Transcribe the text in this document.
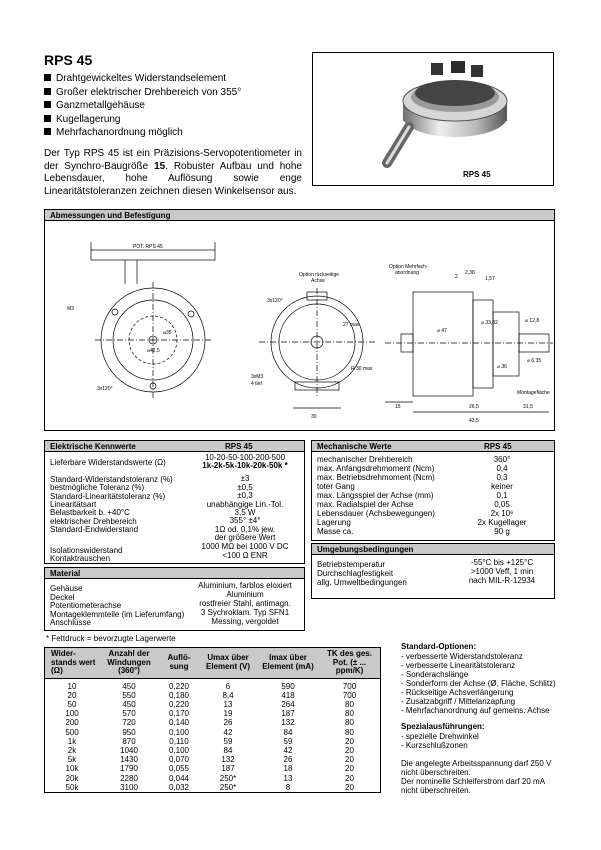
RPS 45
Drahtgewickeltes Widerstandselement
Großer elektrischer Drehbereich von 355°
Ganzmetallgehäuse
Kugellagerung
Mehrfachanordnung möglich

Der Typ RPS 45 ist ein Präzisions-Servopotentiometer in der Synchro-Baugröße 15. Robuster Aufbau und hohe Lebensdauer, hohe Auflösung sowie enge Linearitätstoleranzen zeichnen diesen Winkelsensor aus.

RPS 45
Abmessungen und Befestigung
POT. RPS 45
M3
⌀35
⌀42,5
3x120°
3x120°
27 max
3xM3
4 tief
R 30 max
30
Option rückseitige
Achse
Option Mehrfach-
anordnung
2
2,38
1,57
⌀ 47
⌀ 33,32	⌀ 12,8
⌀ 36
⌀ 6,35
Montagefläche
15	26,5	31,5
43,5
Elektrische Kennwerte	RPS 45
Lieferbare Widerstandswerte (Ω)
10-20-50-100-200-500
1k-2k-5k-10k-20k-50k *
Standard-Widerstandstoleranz (%)	±3
bestmögliche Toleranz (%)	±0,5
Standard-Linearitätstoleranz (%)	±0,3
Linearitätsart	unabhängige Lin.-Tol.
Belastbarkeit b. +40°C	3,5 W
elektrischer Drehbereich	355° ±4°
Standard-Endwiderstand	1Ω od. 0,1% jew.
der größere Wert
Isolationswiderstand	1000 MΩ bei 1000 V DC
Kontaktrauschen	<100 Ω ENR
Material
Gehäuse	Aluminium, farblos eloxiert
Deckel	Aluminium
Potentiometerachse	rostfreier Stahl, antimagn.
Montageklemmteile (im Lieferumfang)	3 Sychroklam. Typ SFN1
Anschlüsse	Messing, vergoldet
* Fettdruck = bevorzugte Lagerwerte
Mechanische Werte	RPS 45
mechanischer Drehbereich	360°
max. Anfangsdrehmoment (Ncm)	0,4
max. Betriebsdrehmoment (Ncm)	0,3
toter Gang	keiner
max. Längsspiel der Achse (mm)	0,1
max. Radialspiel der Achse	0,05
Lebensdauer (Achsbewegungen)	2x 10⁶
Lagerung	2x Kugellager
Masse ca.	90 g
Umgebungsbedingungen
Betriebstemperatur	-55°C bis +125°C
Durchschlagfestigkeit	>1000 Veff, 1 min
allg. Umweltbedingungen	nach MIL-R-12934
Wider-stands wert (Ω)	Anzahl der Windungen (360°)	Auflö-sung	Umax über Element (V)	Imax über Element (mA)	TK des ges. Pot. (± ... ppm/K)
10	450	0,220	6	590	700
20	550	0,180	8,4	418	700
50	450	0,220	13	264	80
100	570	0,170	19	187	80
200	720	0,140	26	132	80
500	950	0,100	42	84	80
1k	870	0,110	59	59	20
2k	1040	0,100	84	42	20
5k	1430	0,070	132	26	20
10k	1790	0,055	187	18	20
20k	2280	0,044	250*	13	20
50k	3100	0,032	250*	8	20
Standard-Optionen:
- verbesserte Widerstandstoleranz
- verbesserte Linearitätstoleranz
- Sonderachslänge
- Sonderform der Achse (Ø, Fläche, Schlitz)
- Rückseitige Achsverlängerung
- Zusatzabgriff / Mittelanzapfung
- Mehrfachanordnung auf gemeins. Achse
Spezialausführungen:
- spezielle Drehwinkel
- Kurzschlußzonen
Die angelegte Arbeitsspannung darf 250 V nicht überschreiten.
Der nominelle Schleiferstrom darf 20 mA nicht überschreiten.
